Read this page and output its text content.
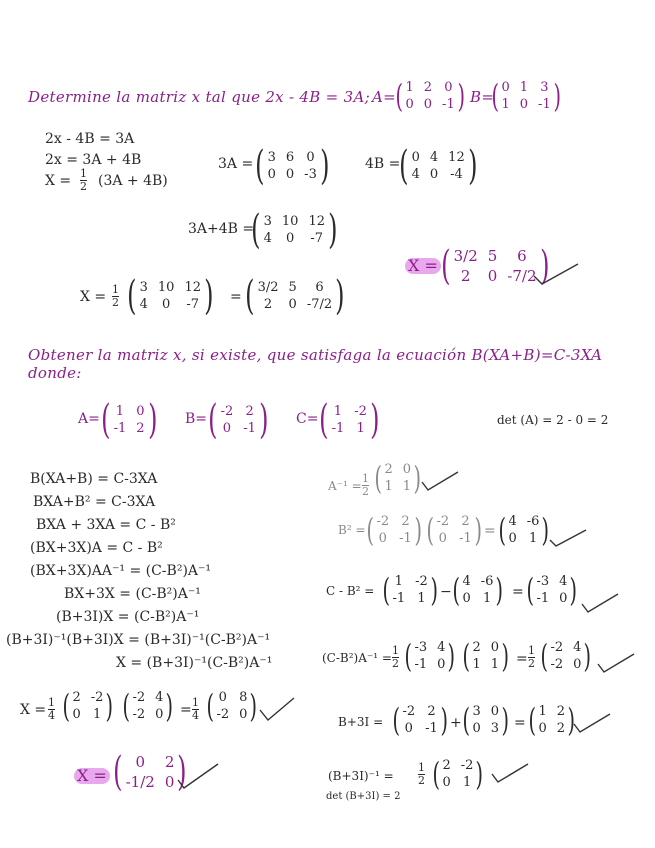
Determine la matriz x tal que 2x - 4B = 3A; A= ( 1 2 0
0 0 -1 ) B=
( 0 1 3
1 0 -1 )
2x - 4B = 3A
2x = 3A + 4B
$X = \frac{1}{2} (3A + 4B)$
3A = ( 3 6 0
0 0 -3 )	4B =
( 0 4 12
4 0 -4 )
3A+4B =
( 3 10 12
4	0	-7 )
X = ( 3/2 5	6
2	0 -7/2 )
$X = \frac{1}{2}$ ( 3 10 12
4	0	-7 ) = ( 3/2 5	6
2	0 -7/2 )
Obtener la matriz x, si existe, que satisfaga la ecuación B(XA+B)=C-3XA
donde:
A= ( 1 0
-1 2 ) B= ( -2 2
0 -1 ) C= ( 1 -2
-1 1 )	det (A) = 2 - 0 = 2
B(XA+B) = C-3XA
BXA+B² = C-3XA
BXA + 3XA = C - B²
(BX+3X)A = C - B²
(BX+3X)AA⁻¹ = (C-B²)A⁻¹
BX+3X = (C-B²)A⁻¹
(B+3I)X = (C-B²)A⁻¹
(B+3I)⁻¹(B+3I)X = (B+3I)⁻¹(C-B²)A⁻¹
X = (B+3I)⁻¹(C-B²)A⁻¹
$A^{-1} = \frac{1}{2}$ ( 2 0
1 1 )
B² = ( -2 2
0 -1 ) ( -2 2
0 -1 ) = ( 4 -6
0 1 )
C - B² = ( 1 -2
-1 1 ) − ( 4 -6
0 1 ) = ( -3 4
-1 0 )
$(C-B^2)A^{-1} = \frac{1}{2}$ ( -3 4
-1 0 ) ( 2 0
1 1 ) = $\frac{1}{2}$ ( -2 4
-2 0 )
B+3I = ( -2 2
0 -1 ) + ( 3 0
0 3 ) = ( 1 2
0 2 )
$(B+3I)^{-1} = \frac{1}{2}$ ( 2 -2
0 1 )
det (B+3I) = 2
$X = \frac{1}{4}$ ( 2 -2
0 1 ) ( -2 4
-2 0 ) = $\frac{1}{4}$ ( 0 8
-2 0 )
X = ( 0	2
-1/2 0 )
